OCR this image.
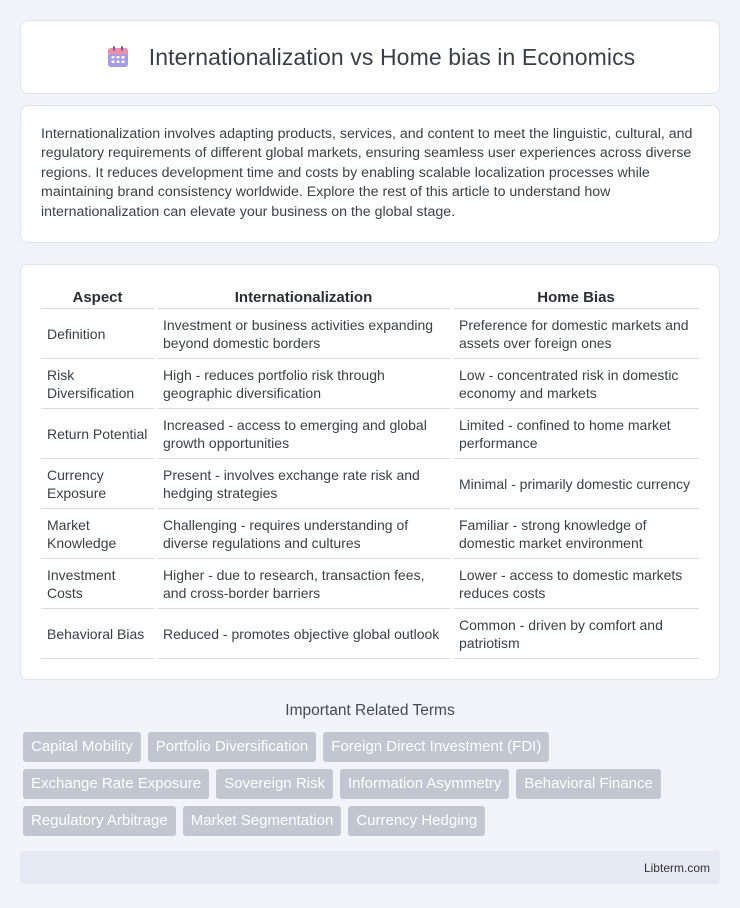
Internationalization vs Home bias in Economics

Internationalization involves adapting products, services, and content to meet the linguistic, cultural, and regulatory requirements of different global markets, ensuring seamless user experiences across diverse regions. It reduces development time and costs by enabling scalable localization processes while maintaining brand consistency worldwide. Explore the rest of this article to understand how internationalization can elevate your business on the global stage.

Aspect	Internationalization	Home Bias
Definition	Investment or business activities expanding beyond domestic borders	Preference for domestic markets and assets over foreign ones
Risk Diversification	High - reduces portfolio risk through geographic diversification	Low - concentrated risk in domestic economy and markets
Return Potential	Increased - access to emerging and global growth opportunities	Limited - confined to home market performance
Currency Exposure	Present - involves exchange rate risk and hedging strategies	Minimal - primarily domestic currency
Market Knowledge	Challenging - requires understanding of diverse regulations and cultures	Familiar - strong knowledge of domestic market environment
Investment Costs	Higher - due to research, transaction fees, and cross-border barriers	Lower - access to domestic markets reduces costs
Behavioral Bias	Reduced - promotes objective global outlook	Common - driven by comfort and patriotism
Important Related Terms
Capital Mobility	Portfolio Diversification	Foreign Direct Investment (FDI)
Exchange Rate Exposure	Sovereign Risk	Information Asymmetry	Behavioral Finance
Regulatory Arbitrage	Market Segmentation	Currency Hedging
Libterm.com
